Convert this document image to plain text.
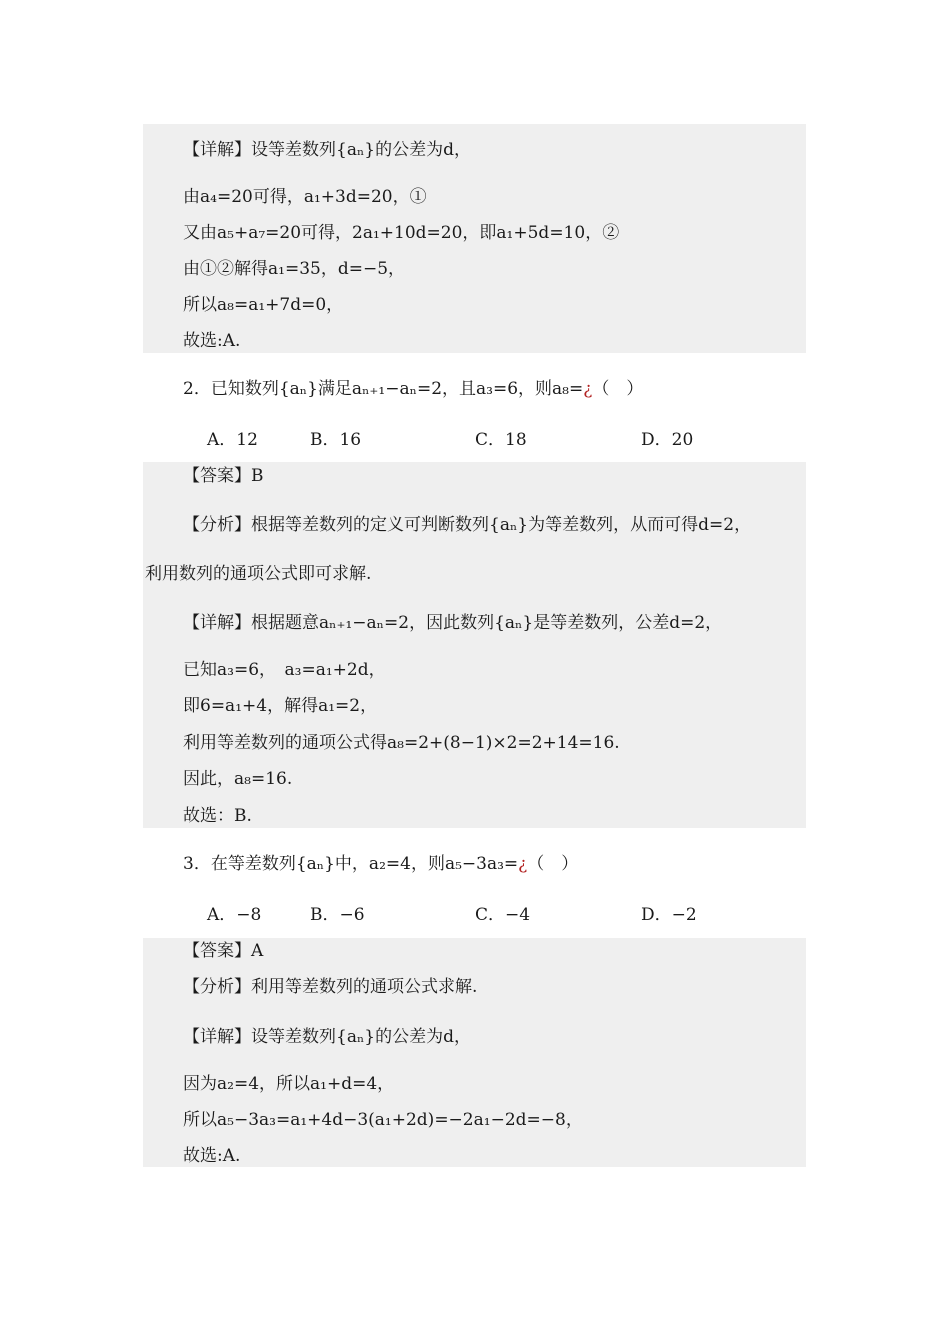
【详解】设等差数列{aₙ}的公差为d，
由a₄=20可得，a₁+3d=20，①
又由a₅+a₇=20可得，2a₁+10d=20，即a₁+5d=10，②
由①②解得a₁=35，d=−5，
所以a₈=a₁+7d=0，
故选:A.
2．已知数列{aₙ}满足aₙ₊₁−aₙ=2，且a₃=6，则a₈=¿（　）
A．12	B．16	C．18	D．20
【答案】B
【分析】根据等差数列的定义可判断数列{aₙ}为等差数列，从而可得d=2，
利用数列的通项公式即可求解.
【详解】根据题意aₙ₊₁−aₙ=2，因此数列{aₙ}是等差数列，公差d=2，
已知a₃=6，　a₃=a₁+2d，
即6=a₁+4，解得a₁=2，
利用等差数列的通项公式得a₈=2+(8−1)×2=2+14=16.
因此，a₈=16.
故选：B.
3．在等差数列{aₙ}中，a₂=4，则a₅−3a₃=¿（　）
A．−8	B．−6	C．−4	D．−2
【答案】A
【分析】利用等差数列的通项公式求解.
【详解】设等差数列{aₙ}的公差为d，
因为a₂=4，所以a₁+d=4，
所以a₅−3a₃=a₁+4d−3(a₁+2d)=−2a₁−2d=−8，
故选:A.
